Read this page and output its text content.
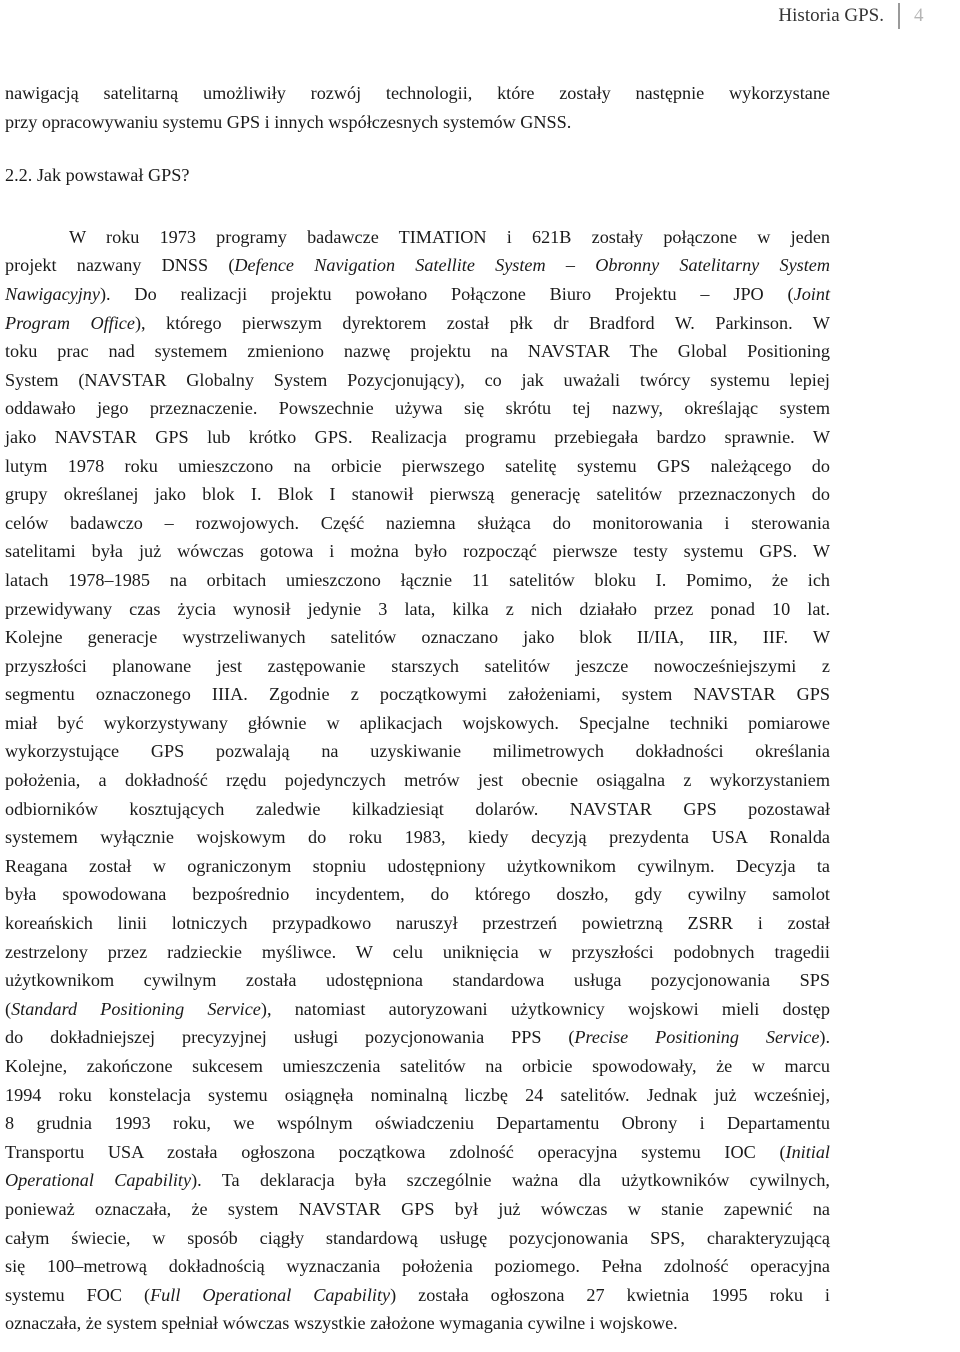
Historia GPS.	4

nawigacją satelitarną umożliwiły rozwój technologii, które zostały następnie wykorzystane
przy opracowywaniu systemu GPS i innych współczesnych systemów GNSS.

2.2. Jak powstawał GPS?

W roku 1973 programy badawcze TIMATION i 621B zostały połączone w jeden
projekt nazwany DNSS (Defence Navigation Satellite System – Obronny Satelitarny System
Nawigacyjny). Do realizacji projektu powołano Połączone Biuro Projektu – JPO (Joint
Program Office), którego pierwszym dyrektorem został płk dr Bradford W. Parkinson. W
toku prac nad systemem zmieniono nazwę projektu na NAVSTAR The Global Positioning
System (NAVSTAR Globalny System Pozycjonujący), co jak uważali twórcy systemu lepiej
oddawało jego przeznaczenie. Powszechnie używa się skrótu tej nazwy, określając system
jako NAVSTAR GPS lub krótko GPS. Realizacja programu przebiegała bardzo sprawnie. W
lutym 1978 roku umieszczono na orbicie pierwszego satelitę systemu GPS należącego do
grupy określanej jako blok I. Blok I stanowił pierwszą generację satelitów przeznaczonych do
celów badawczo – rozwojowych. Część naziemna służąca do monitorowania i sterowania
satelitami była już wówczas gotowa i można było rozpocząć pierwsze testy systemu GPS. W
latach 1978–1985 na orbitach umieszczono łącznie 11 satelitów bloku I. Pomimo, że ich
przewidywany czas życia wynosił jedynie 3 lata, kilka z nich działało przez ponad 10 lat.
Kolejne generacje wystrzeliwanych satelitów oznaczano jako blok II/IIA, IIR, IIF. W
przyszłości planowane jest zastępowanie starszych satelitów jeszcze nowocześniejszymi z
segmentu oznaczonego IIIA. Zgodnie z początkowymi założeniami, system NAVSTAR GPS
miał być wykorzystywany głównie w aplikacjach wojskowych. Specjalne techniki pomiarowe
wykorzystujące GPS pozwalają na uzyskiwanie milimetrowych dokładności określania
położenia, a dokładność rzędu pojedynczych metrów jest obecnie osiągalna z wykorzystaniem
odbiorników kosztujących zaledwie kilkadziesiąt dolarów. NAVSTAR GPS pozostawał
systemem wyłącznie wojskowym do roku 1983, kiedy decyzją prezydenta USA Ronalda
Reagana został w ograniczonym stopniu udostępniony użytkownikom cywilnym. Decyzja ta
była spowodowana bezpośrednio incydentem, do którego doszło, gdy cywilny samolot
koreańskich linii lotniczych przypadkowo naruszył przestrzeń powietrzną ZSRR i został
zestrzelony przez radzieckie myśliwce. W celu uniknięcia w przyszłości podobnych tragedii
użytkownikom cywilnym została udostępniona standardowa usługa pozycjonowania SPS
(Standard Positioning Service), natomiast autoryzowani użytkownicy wojskowi mieli dostęp
do dokładniejszej precyzyjnej usługi pozycjonowania PPS (Precise Positioning Service).
Kolejne, zakończone sukcesem umieszczenia satelitów na orbicie spowodowały, że w marcu
1994 roku konstelacja systemu osiągnęła nominalną liczbę 24 satelitów. Jednak już wcześniej,
8 grudnia 1993 roku, we wspólnym oświadczeniu Departamentu Obrony i Departamentu
Transportu USA została ogłoszona początkowa zdolność operacyjna systemu IOC (Initial
Operational Capability). Ta deklaracja była szczególnie ważna dla użytkowników cywilnych,
ponieważ oznaczała, że system NAVSTAR GPS był już wówczas w stanie zapewnić na
całym świecie, w sposób ciągły standardową usługę pozycjonowania SPS, charakteryzującą
się 100–metrową dokładnością wyznaczania położenia poziomego. Pełna zdolność operacyjna
systemu FOC (Full Operational Capability) została ogłoszona 27 kwietnia 1995 roku i
oznaczała, że system spełniał wówczas wszystkie założone wymagania cywilne i wojskowe.
